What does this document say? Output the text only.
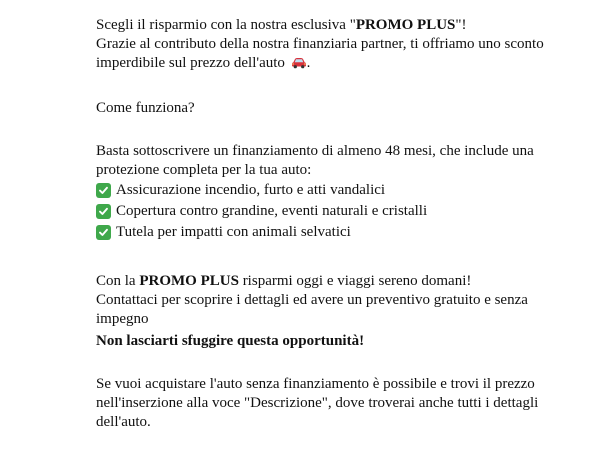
Scegli il risparmio con la nostra esclusiva "PROMO PLUS"!
Grazie al contributo della nostra finanziaria partner, ti offriamo uno sconto imperdibile sul prezzo dell'auto .

Come funziona?

Basta sottoscrivere un finanziamento di almeno 48 mesi, che include una protezione completa per la tua auto:

Assicurazione incendio, furto e atti vandalici
Copertura contro grandine, eventi naturali e cristalli
Tutela per impatti con animali selvatici

Con la PROMO PLUS risparmi oggi e viaggi sereno domani!
Contattaci per scoprire i dettagli ed avere un preventivo gratuito e senza impegno

Non lasciarti sfuggire questa opportunità!

Se vuoi acquistare l'auto senza finanziamento è possibile e trovi il prezzo nell'inserzione alla voce "Descrizione", dove troverai anche tutti i dettagli dell'auto.
